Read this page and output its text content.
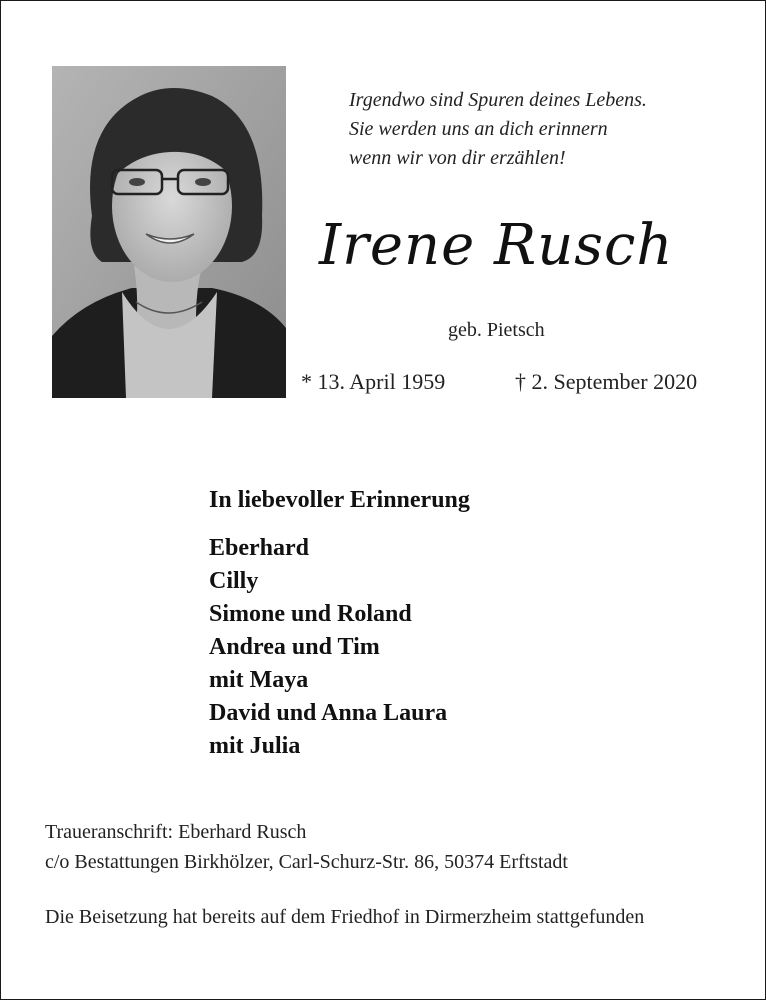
Irgendwo sind Spuren deines Lebens.
Sie werden uns an dich erinnern
wenn wir von dir erzählen!
Irene Rusch
geb. Pietsch
* 13. April 1959	† 2. September 2020
In liebevoller Erinnerung
Eberhard
Cilly
Simone und Roland
Andrea und Tim
mit Maya
David und Anna Laura
mit Julia
Traueranschrift: Eberhard Rusch
c/o Bestattungen Birkhölzer, Carl-Schurz-Str. 86, 50374 Erftstadt
Die Beisetzung hat bereits auf dem Friedhof in Dirmerzheim stattgefunden
